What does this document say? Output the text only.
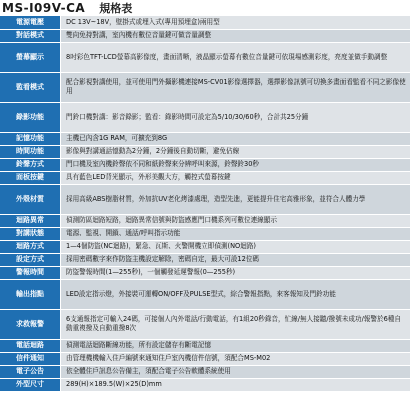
MS-I09V-CA 規格表
電源電壓	DC 13V~18V，壁掛式或埋入式(專用預埋盒)兩用型
對話模式	雙向免持對講，室內機有數位音量鍵可做音量調整
螢幕顯示	8吋彩色TFT-LCD螢幕高影像度，畫面清晰，液晶顯示螢幕有數位音量鍵可依現場感測彩度，亮度並做手動調整
監看模式	配合影視對講使用，並可使用門外攝影機連接MS-CV01影像選擇器，選擇影像訊號可切換多畫面看監看不同之影像使用
錄影功能	門鈴口機對講：影音錄影；監看：錄影時間可設定為5/10/30/60秒，合計共25分鐘
記憶功能	主機已內含1G RAM，可擴充到8G
時間功能	影像與對講通話憶動為2分鐘，2分鐘後自動切斷，避免佔線
鈴聲方式	門口機及室內機鈴聲依不同和紙鈴聲來分辨呼叫來源，鈴聲鈴30秒
面板按鍵	具有藍色LED背光顯示，外形美觀大方，觸控式螢幕按鍵
外殼材質	採用高級ABS樹脂材質，外加抗UV老化烤漆處理，造型先進，更能提升住宅高雅形象，並符合人體力學
迴路異常	偵測防區迴路短路，迴路異常信號與防盜感應門口機系列可數位連線顯示
對講狀態	電源、監視、開鎖、通話/呼叫指示功能
迴路方式	1—4個防盜(NC迴路)，緊急、瓦斯、火警開機立即偵測(NO迴路)
設定方式	採用密碼數字來作防盜主機設定解除，密碼自定，最大可設12位碼
警報時間	防盜警報時間(1—255秒)，一個觸發延遲警報(0—255秒)
輸出指點	LED設定指示燈，外接裝可運轉ON/OFF及PULSE型式，綜合警報指點，來客報知及門鈴功能
求救報警	6支通報指定可輸入24碼，可接個人內外電話/行動電話，有1組20秒錄音，忙線/無人接聽/撥號未成功/報警於6種自動重複撥及自動重撥8次
電話迴路	偵測電話迴路斷線功能，所有設定儲存有斷電記憶
信件通知	由管理機機輸入住戶編號來通知住戶室內機信件信號，須配合MS-M02
電子公告	依全體住戶訊息公告備主，須配合電子公告軟體系統使用
外型尺寸	289(H)×189.5(W)×25(D)mm
